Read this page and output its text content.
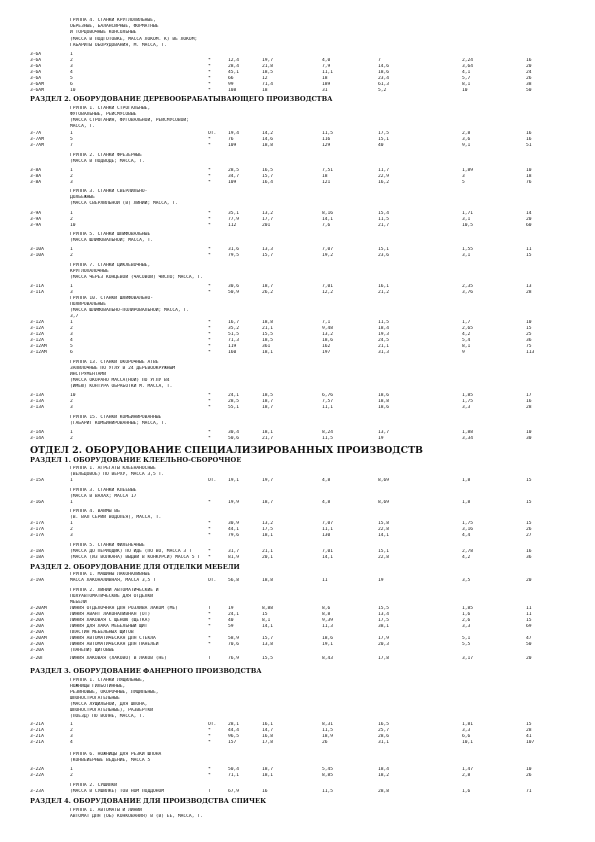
ГРУППА 4. СТАНКИ КРУГЛОПИЛЬНЫЕ,
ОБРЕЗНЫЕ, БАЛАНСИРНЫЕ, ФОРМАТНЫЕ
И ТОРЦОВОЧНЫЕ КОНСОЛЬНЫЕ
(МАССА В ПОДГОТОВКЕ, МАССА ЛОКОМ. К) ВЕ ЛОКОМ;
ГАБАРИТЫ ОБОРУДОВАНИЯ, М. МАССА, Т.
3-6А	1
3-6А	2	*	12,4	19,7	4,0	7	2,24	16
3-6А	3	*	28,4	21,8	7,9	14,6	3,64	20
3-6А	4	*	45,1	18,5	11,1	18,6	4,1	24
3-6А	5	*	66	12	18	23,4	5,7	26
3-6АМ	6	*	99	71,4	189	61,3	8,1	38
3-6АМ	10	*	108	18	31	5,2	10	50
РАЗДЕЛ 2. ОБОРУДОВАНИЕ ДЕРЕВООБРАБАТЫВАЮЩЕГО ПРОИЗВОДСТВА
ГРУППА 1. СТАНКИ СТРОГАЛЬНЫЕ,
ФУГОВАЛЬНЫЕ, РЕЙСМУСОВЫЕ
(МАССА СТРОГАНИЯ, ФУГОВАЛЬНОЙ, РЕЙСМУСОВОЙ;
МАССА, Т.
3-7А	1	ОТ.	19,4	14,2	11,5	17,5	2,8	16
3-7АМ	5	*	76	14,6	116	15,1	3,6	16
3-7АМ	7	*	109	18,8	129	40	9,1	51
ГРУППА 2. СТАНКИ ФРЕЗЕРНЫЕ
(МАССА В ПОДВОДЕ; МАССА, Т.
3-8А	1	*	28,5	16,5	7,51	11,7	1,89	10
3-8А	2	*	34,7	15,7	18	22,9	3	18
3-8А	3	*	109	16,4	121	16,2	5	76
ГРУППА 3. СТАНКИ СВЕРЛИЛЬНО-
ДОЛБЕЖНЫЕ
(МАССА СВЕРЛИЛЬНОЙ (В) ЛИНИИ; МАССА, Т.
3-9А	1	*	35,1	13,2	8,16	15,4	1,71	14
3-9А	2	*	77,9	17,7	14,1	11,5	3,1	20
3-9А	10	*	112	201	7,6	21,7	10,5	60
ГРУППА 5. СТАНКИ ШЛИФОВАЛЬНЫЕ
(МАССА ШЛИФОВАЛЬНОЙ; МАССА, Т.
3-10А	1	*	31,6	13,3	7,07	15,1	1,55	11
3-10А	2	*	79,5	15,7	19,2	23,6	3,1	15
ГРУППА 7. СТАНКИ ЦИКЛЕВОЧНЫЕ,
КРУГЛОПАЛОЧНЫЕ
(МАССА ЧЕРЕЗ КОНЦЕВОЙ (ЧАСОВОЙ) ЧИСЛО; МАССА, Т.
3-11А	1	*	30,6	18,7	7,01	16,1	2,35	13
3-11А	3	*	50,9	26,2	12,2	21,2	3,76	28
ГРУППА 10. СТАНКИ ШЛИФОВАЛЬНО-
ПОЛИРОВАЛЬНЫЕ
(МАССА ШЛИФОВАЛЬНО-ПОЛИРОВАЛЬНОЙ; МАССА, Т.
3,7
3-12А	1	*	16,7	18,8	7,1	11,5	1,7	10
3-12А	2	*	35,2	21,1	9,48	18,4	2,65	15
3-12А	3	*	51,5	15,5	13,2	19,3	4,2	25
3-12А	4	*	71,3	18,5	18,6	24,5	5,4	36
3-12АМ	5	*	119	361	162	21,1	8,1	75
3-12АМ	6	*	160	18,1	197	31,3	9	113
ГРУППА 13. СТАНКИ ОКОРОЧНЫЕ АТВЕ
ЗАПИЛОЧНЫЕ ПО УГЛУ В 24 ДЕРЕВООКРУЖНЫМ
ИНСТРУМЕНТАМИ
(МАССА ОКОРАНО МАССА(НОЙ) ПО УГЛУ В4
(ИМЕЮ) КОНТУРА ОБРАБОТКИ М. МАССА, Т.
3-13А	10	*	24,1	18,5	6,76	18,6	1,85	17
3-13А	2	*	28,5	18,7	7,57	18,8	1,75	16
3-13А	3	*	55,1	18,7	11,1	18,6	3,3	28
ГРУППА 15. СТАНКИ КОМБИНИРОВАННЫЕ
(ГАБАРИТ КОМБИНИРОВАННЫЕ; МАССА, Т.
3-14А	1	*	30,4	18,1	8,24	13,7	1,88	10
3-14А	2	*	50,6	21,7	11,5	19	3,34	30
ОТДЕЛ 2. ОБОРУДОВАНИЕ СПЕЦИАЛИЗИРОВАННЫХ ПРОИЗВОДСТВ
РАЗДЕЛ 1. ОБОРУДОВАНИЕ КЛЕЕЛЬНО-СБОРОЧНОЕ
ГРУППА 1. АГРЕГАТЫ КЛЕЕНАНОСНЫЕ
(ВЕЛЬЦОВОЕ) ПО ВЕРХУ, МАССА 3,5 Т.
3-15А	1	ОТ.	19,1	19,7	4,8	8,69	1,8	15
ГРУППА 3. СТАНКИ КЛЕЕВЫЕ
(МАССА В ВАЛАХ; МАССА 17
3-16А	1	*	19,9	18,7	4,8	8,69	1,8	15
ГРУППА 4. ВАЙМЫ ВБ
(В. ВАЛ СЕРИИ ВОДОЛЕЯ), МАССА, Т.
3-17А	1	*	30,9	13,2	7,07	15,8	1,75	15
3-17А	2	*	44,1	17,5	11,1	22,8	3,16	26
3-17А	3	*	79,6	18,1	130	14,1	4,4	27
ГРУППА 5. СТАНКИ ФИЛЕНЕЧНЫЕ
3-18А	(МАССА ДО ПЕРИОДИК) ПО ИДЕ (ПО ВО, МАССА 3 Т	*	31,7	21,1	7,01	15,1	2,78	16
3-18А	(МАССА (ИЗ ВОЛКАНА) ВЫДВИ В КОНКУРСИ) МАССА 5 Т	*	81,9	20,1	14,1	22,8	4,2	36
РАЗДЕЛ 2. ОБОРУДОВАНИЕ ДЛЯ ОТДЕЛКИ МЕБЕЛИ
ГРУППА 1. МАШИНЫ ЛАКОНАЛИВНЫЕ
3-19А	МАССА ЛАКОНАЛИВНАЯ, МАССА 3,5 Т	ОТ.	56,8	18,8	11	19	3,5	20
ГРУППА 2. ЛИНИИ АВТОМАТИЧЕСКИЕ И
ПОЛУАВТОМАТИЧЕСКИЕ ДЛЯ ОТДЕЛКИ
МЕБЕЛИ
3-20АМ	ЛИНИЯ ОТДЕЛОЧНАЯ ДЛЯ РОЗЛИВА ЛАКОМ (МЕ)	Т	19	8,88	8,6	15,5	1,85	11
3-20А	ЛИНИЯ АВАНТ ЛАКОНАЛИВНАЯ (ОТ)	*	24,1	15	8,8	13,4	1,6	11
3-20А	ЛИНИЯ ЛАКОВАЯ С ЩЕНОЮ (ЩЁТКА)	*	40	8,1	9,39	17,5	2,6	15
3-20А	ЛИНИЯ ДЛЯ ЛАКА МЕБЕЛЬНЫЙ ЩИТ	*	59	14,1	11,3	38,1	3,3	69
3-20А	ПЛАСТИН МЕБЕЛЬНЫХ ЩИТОВ
3-20АМ	ЛИНИЯ АВТОМАТИЧЕСКАЯ ДЛЯ СТЕКЛА	*	58,9	15,7	18,6	17,9	5,1	47
3-20А	ЛИНИЯ АВТОМАТИЧЕСКАЯ ДЛЯ ПАНЕЛЕЙ	*	70,6	13,8	19,1	20,3	5,5	50
3-20А	(ПАНЕЛИ) ЩИТОВЫЕ
3-20Г	ЛИНИЯ ЛАКОВАЯ (ЛАКОВО) В ЛАКОВ (НЕ)	Т	76,9	15,5	8,43	17,8	3,17	20
РАЗДЕЛ 3. ОБОРУДОВАНИЕ ФАНЕРНОГО ПРОИЗВОДСТВА
ГРУППА 1. СТАНКИ ЛУЩИЛЬНЫЕ,
НОЖНИЦЫ ГИЛЬОТИННЫЕ,
РЕЗИНОВЫЕ, ОКОРОЧНЫЕ, ЛУЩИЛЬНЫЕ,
ШПОНОСТРОГАТЕЛЬНЫЕ
(МАССА ЛУЩИЛЬНОЙ, ДЛЯ ШПОНА,
ШПОНОСТРОГАТЕЛЬНЫЕ), РАЗВЕРТКИ
(ПОЕЗД) ПО ВОЛНЕ, МАССА, Т.
3-21А	1	ОТ.	28,1	16,1	8,31	16,5	1,81	15
3-21А	2	*	44,4	14,7	11,5	25,7	3,3	28
3-21А	3	*	96,5	16,8	18,9	28,6	6,6	41
3-21А	4	*	157	17,8	26	31,1	10,1	107
ГРУППА 6. НОЖНИЦЫ ДЛЯ РЕЗКИ ШПОНА
(КОНВЕЙЕРНЫЕ ВЕДЕНИЕ, МАССА 5
3-22А	1	*	50,4	18,7	5,45	18,4	1,47	10
3-22А	2	*	71,1	18,1	8,85	18,2	2,8	26
ГРУППА 2. СУШИЛКИ
3-23А	(МАССА В СУШИЛКЕ) ТОВ НОМ ПОДДОНОМ	Т	67,9	16	11,5	28,8	1,6	71
РАЗДЕЛ 4. ОБОРУДОВАНИЕ ДЛЯ ПРОИЗВОДСТВА СПИЧЕК
ГРУППА 1. АВТОМАТЫ И ЛИНИИ
АВТОМАТ ДЛЯ (ОБ) КОНКОВАНИЯ) В (В) ЕЕ, МАССА, Т.
